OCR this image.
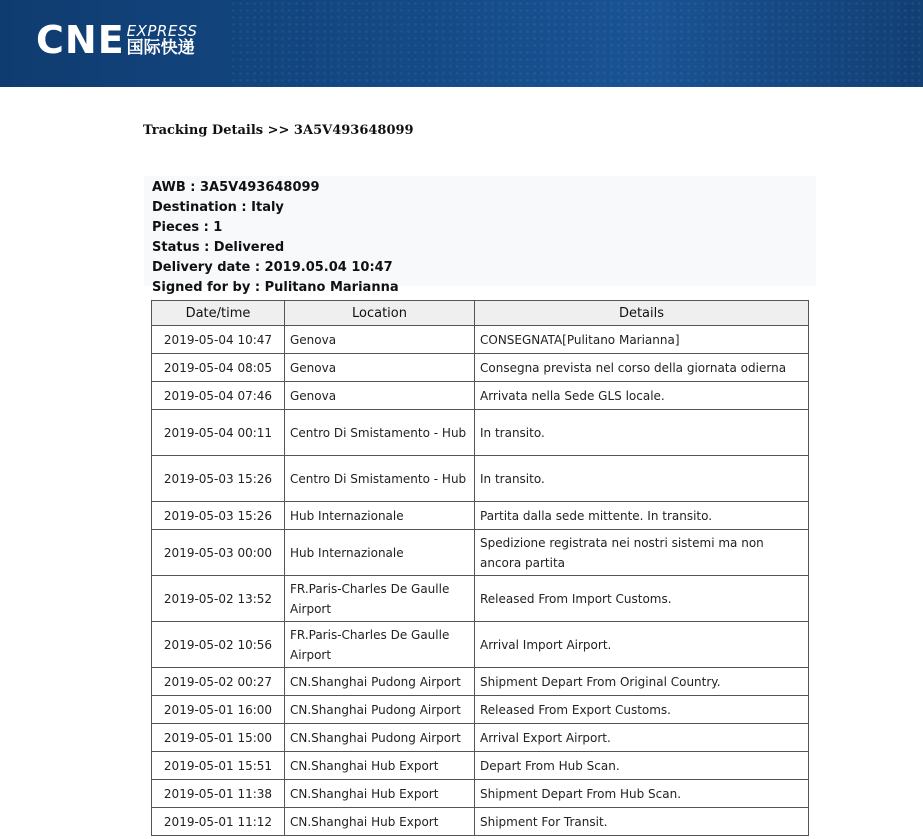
CNE EXPRESS
国际快递
Tracking Details >> 3A5V493648099
AWB : 3A5V493648099
Destination : Italy
Pieces : 1
Status : Delivered
Delivery date : 2019.05.04 10:47
Signed for by : Pulitano Marianna
Date/time	Location	Details
2019-05-04 10:47	Genova	CONSEGNATA[Pulitano Marianna]
2019-05-04 08:05	Genova	Consegna prevista nel corso della giornata odierna
2019-05-04 07:46	Genova	Arrivata nella Sede GLS locale.
2019-05-04 00:11	Centro Di Smistamento - Hub	In transito.
2019-05-03 15:26	Centro Di Smistamento - Hub	In transito.
2019-05-03 15:26	Hub Internazionale	Partita dalla sede mittente. In transito.
2019-05-03 00:00	Hub Internazionale	Spedizione registrata nei nostri sistemi ma non ancora partita
2019-05-02 13:52	FR.Paris-Charles De Gaulle Airport	Released From Import Customs.
2019-05-02 10:56	FR.Paris-Charles De Gaulle Airport	Arrival Import Airport.
2019-05-02 00:27	CN.Shanghai Pudong Airport	Shipment Depart From Original Country.
2019-05-01 16:00	CN.Shanghai Pudong Airport	Released From Export Customs.
2019-05-01 15:00	CN.Shanghai Pudong Airport	Arrival Export Airport.
2019-05-01 15:51	CN.Shanghai Hub Export	Depart From Hub Scan.
2019-05-01 11:38	CN.Shanghai Hub Export	Shipment Depart From Hub Scan.
2019-05-01 11:12	CN.Shanghai Hub Export	Shipment For Transit.
